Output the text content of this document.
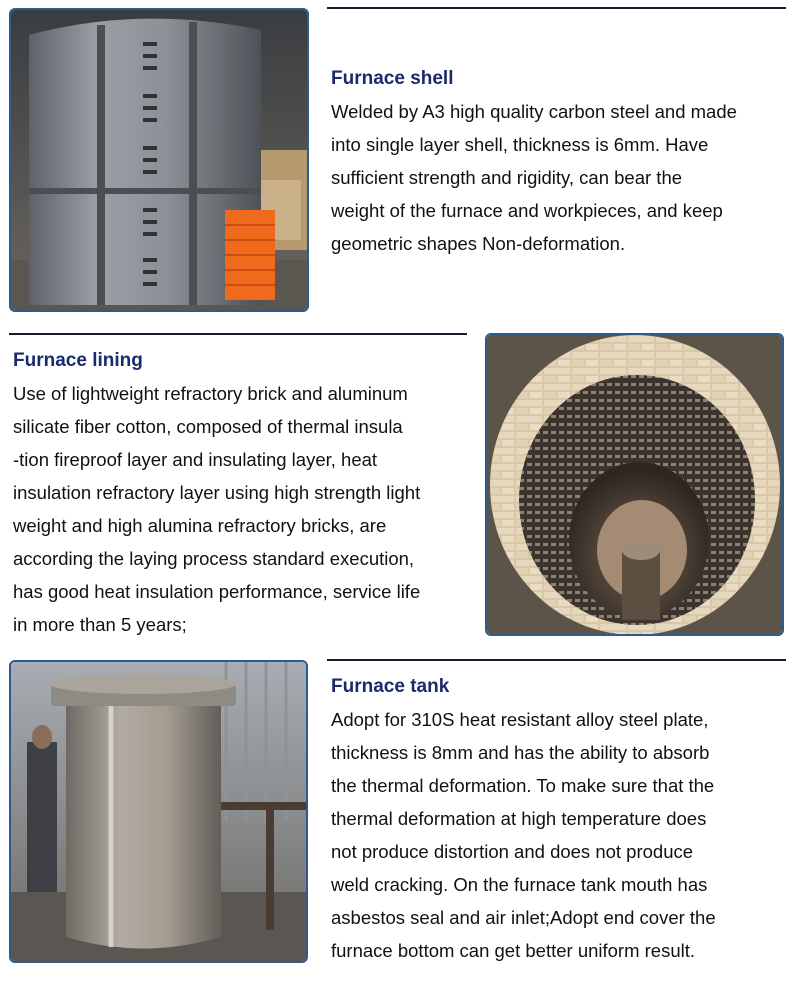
Furnace shell

Welded by A3 high quality carbon steel and made

into single layer shell, thickness is 6mm. Have

sufficient strength and rigidity, can bear the

weight of the furnace and workpieces, and keep

geometric shapes Non-deformation.

Furnace lining

Use of lightweight refractory brick and aluminum

silicate fiber cotton, composed of thermal insula

-tion fireproof layer and insulating layer, heat

insulation refractory layer using high strength light

weight and high alumina refractory bricks, are

according the laying process standard execution,

has good heat insulation performance, service life

in more than 5 years;

Furnace tank

Adopt for 310S heat resistant alloy steel plate,

thickness is 8mm and has the ability to absorb

the thermal deformation. To make sure that the

thermal deformation at high temperature does

not produce distortion and does not produce

weld cracking. On the furnace tank mouth has

asbestos seal and air inlet;Adopt end cover the

furnace bottom can get better uniform result.
